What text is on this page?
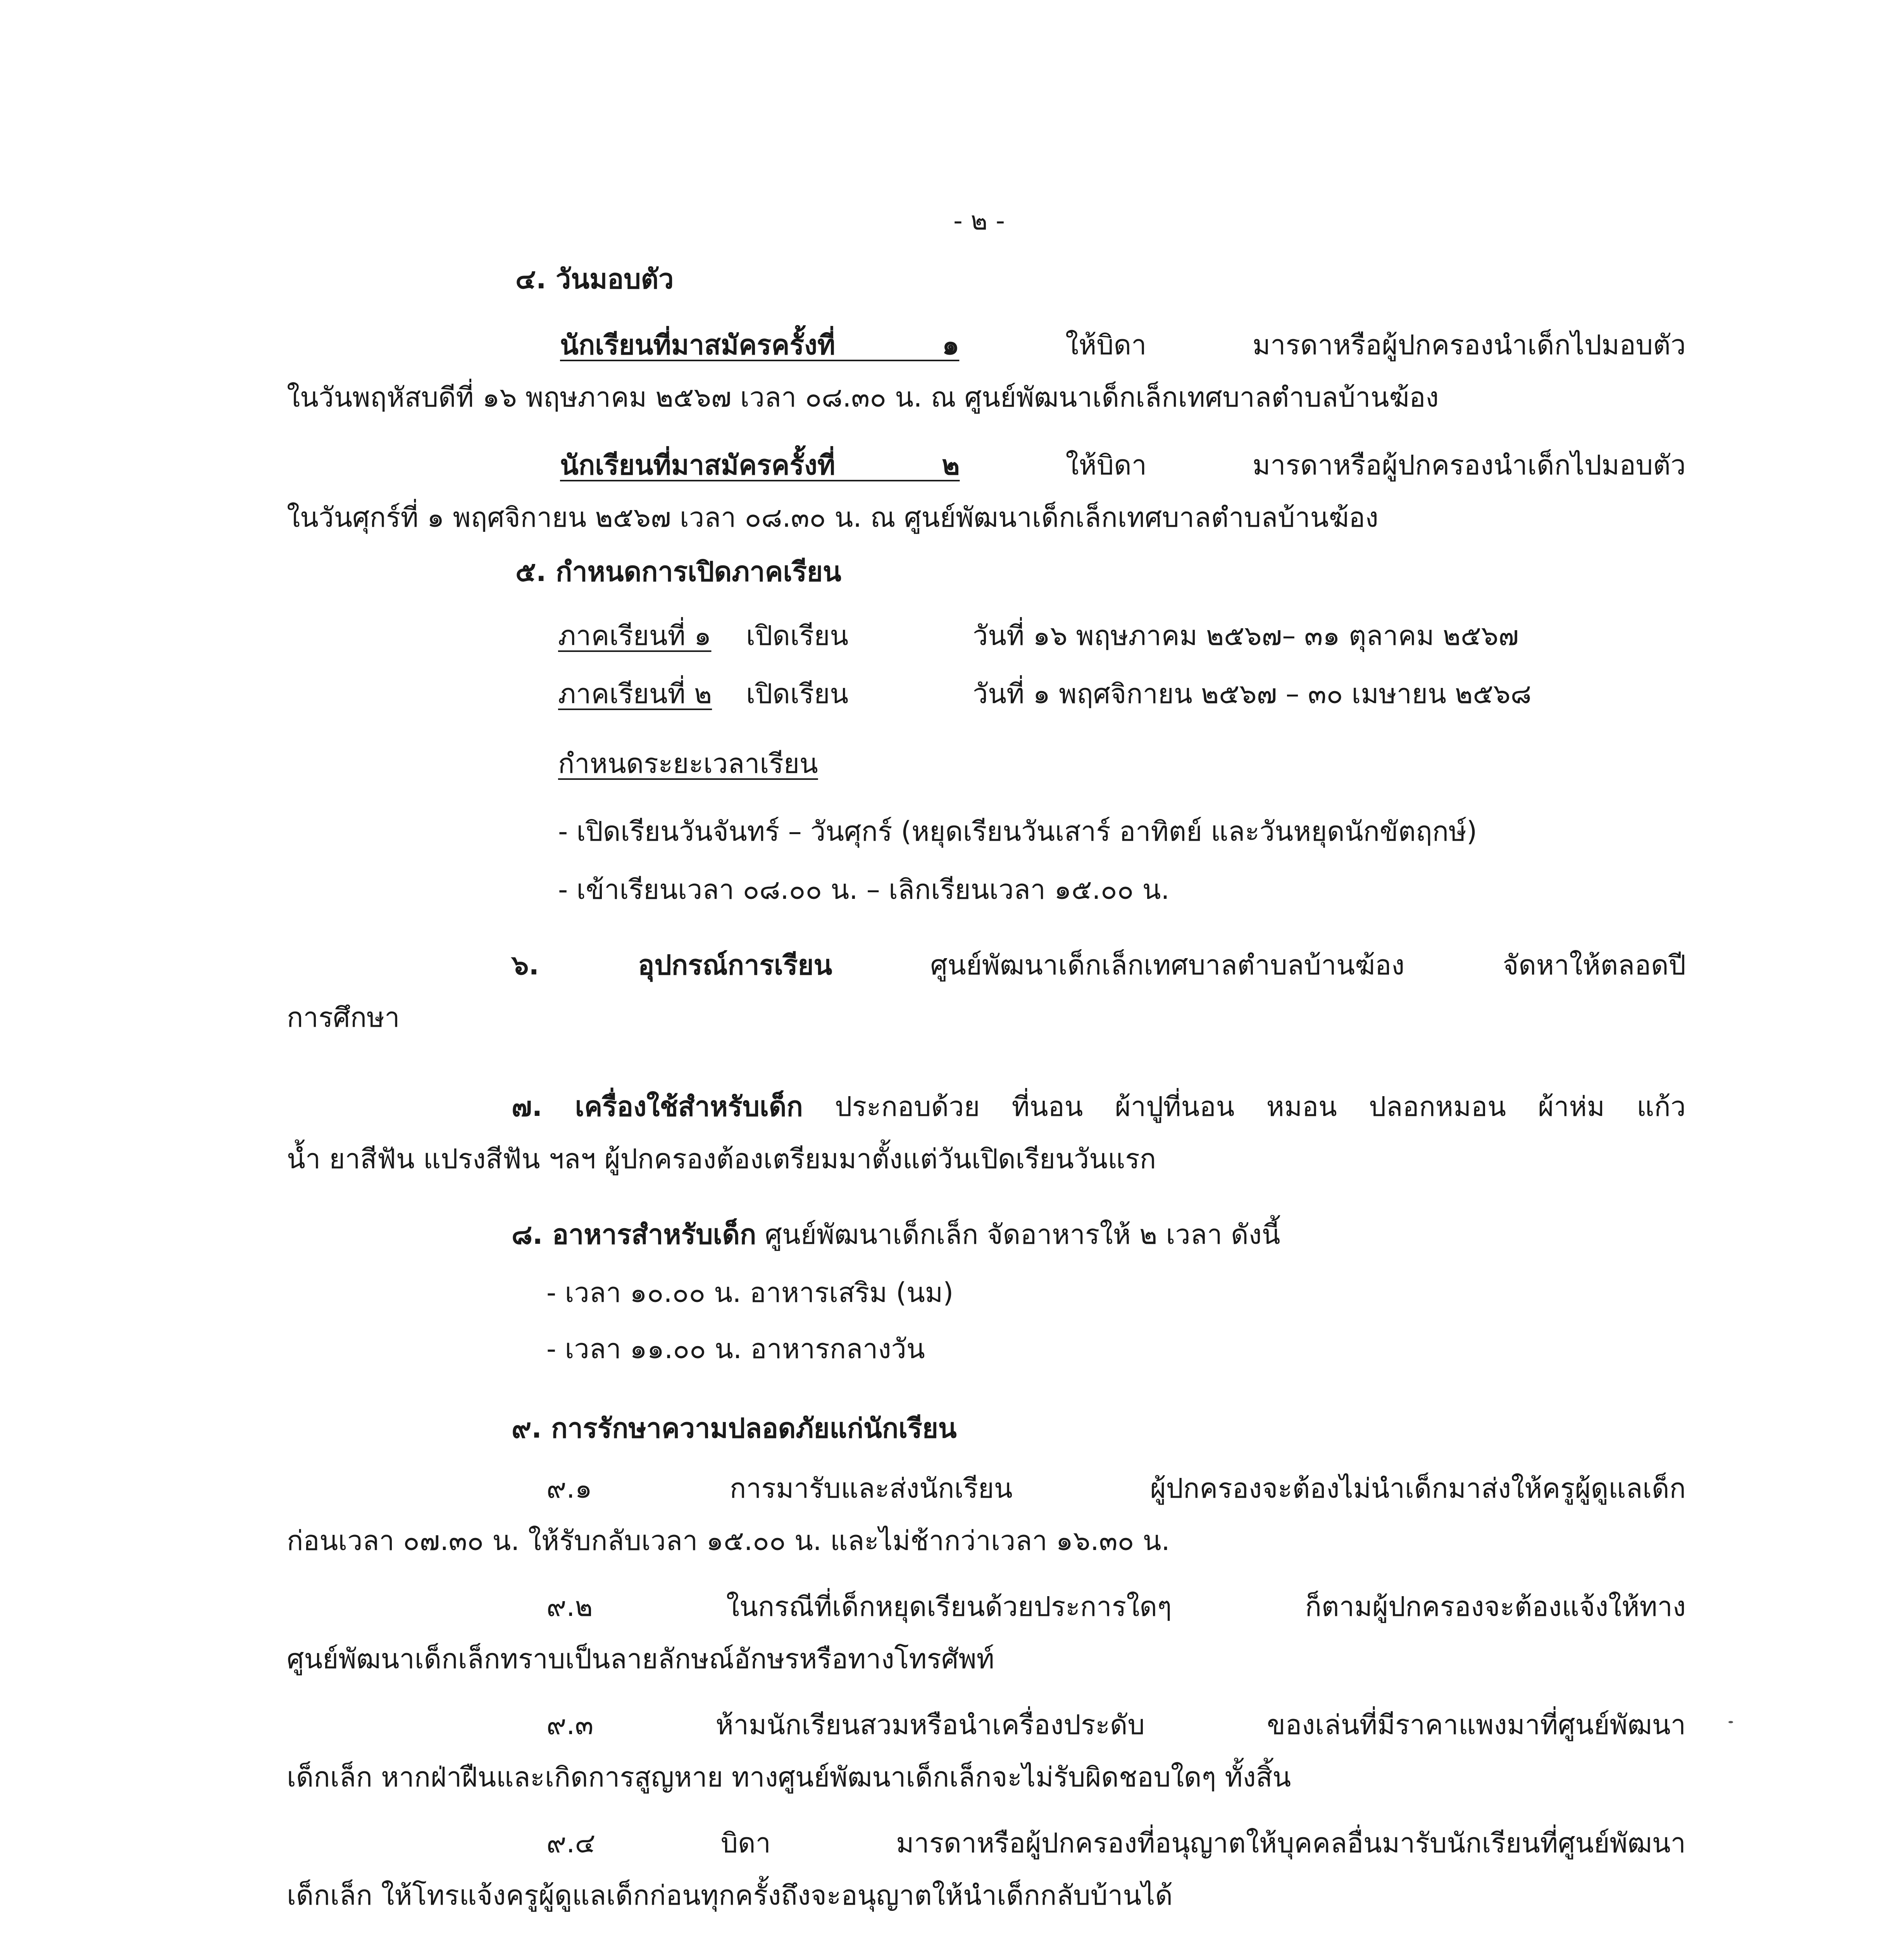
- ๒ -
๔. วันมอบตัว
นักเรียนที่มาสมัครครั้งที่ ๑ ให้บิดา มารดาหรือผู้ปกครองนำเด็กไปมอบตัว
ในวันพฤหัสบดีที่ ๑๖ พฤษภาคม ๒๕๖๗ เวลา ๐๘.๓๐ น. ณ ศูนย์พัฒนาเด็กเล็กเทศบาลตำบลบ้านฆ้อง
นักเรียนที่มาสมัครครั้งที่ ๒ ให้บิดา มารดาหรือผู้ปกครองนำเด็กไปมอบตัว
ในวันศุกร์ที่ ๑ พฤศจิกายน ๒๕๖๗ เวลา ๐๘.๓๐ น. ณ ศูนย์พัฒนาเด็กเล็กเทศบาลตำบลบ้านฆ้อง
๕. กำหนดการเปิดภาคเรียน
ภาคเรียนที่ ๑ เปิดเรียน	วันที่ ๑๖ พฤษภาคม ๒๕๖๗– ๓๑ ตุลาคม ๒๕๖๗
ภาคเรียนที่ ๒ เปิดเรียน	วันที่ ๑ พฤศจิกายน ๒๕๖๗ – ๓๐ เมษายน ๒๕๖๘
กำหนดระยะเวลาเรียน
- เปิดเรียนวันจันทร์ – วันศุกร์ (หยุดเรียนวันเสาร์ อาทิตย์ และวันหยุดนักขัตฤกษ์)
- เข้าเรียนเวลา ๐๘.๐๐ น. – เลิกเรียนเวลา ๑๕.๐๐ น.
๖. อุปกรณ์การเรียน ศูนย์พัฒนาเด็กเล็กเทศบาลตำบลบ้านฆ้อง จัดหาให้ตลอดปี
การศึกษา
๗. เครื่องใช้สำหรับเด็ก ประกอบด้วย ที่นอน ผ้าปูที่นอน หมอน ปลอกหมอน ผ้าห่ม แก้ว
น้ำ ยาสีฟัน แปรงสีฟัน ฯลฯ ผู้ปกครองต้องเตรียมมาตั้งแต่วันเปิดเรียนวันแรก
๘. อาหารสำหรับเด็ก ศูนย์พัฒนาเด็กเล็ก จัดอาหารให้ ๒ เวลา ดังนี้
- เวลา ๑๐.๐๐ น. อาหารเสริม (นม)
- เวลา ๑๑.๐๐ น. อาหารกลางวัน
๙. การรักษาความปลอดภัยแก่นักเรียน
๙.๑ การมารับและส่งนักเรียน ผู้ปกครองจะต้องไม่นำเด็กมาส่งให้ครูผู้ดูแลเด็ก
ก่อนเวลา ๐๗.๓๐ น. ให้รับกลับเวลา ๑๕.๐๐ น. และไม่ช้ากว่าเวลา ๑๖.๓๐ น.
๙.๒ ในกรณีที่เด็กหยุดเรียนด้วยประการใดๆ ก็ตามผู้ปกครองจะต้องแจ้งให้ทาง
ศูนย์พัฒนาเด็กเล็กทราบเป็นลายลักษณ์อักษรหรือทางโทรศัพท์
๙.๓ ห้ามนักเรียนสวมหรือนำเครื่องประดับ ของเล่นที่มีราคาแพงมาที่ศูนย์พัฒนา
เด็กเล็ก หากฝ่าฝืนและเกิดการสูญหาย ทางศูนย์พัฒนาเด็กเล็กจะไม่รับผิดชอบใดๆ ทั้งสิ้น
๙.๔ บิดา มารดาหรือผู้ปกครองที่อนุญาตให้บุคคลอื่นมารับนักเรียนที่ศูนย์พัฒนา
เด็กเล็ก ให้โทรแจ้งครูผู้ดูแลเด็กก่อนทุกครั้งถึงจะอนุญาตให้นำเด็กกลับบ้านได้
